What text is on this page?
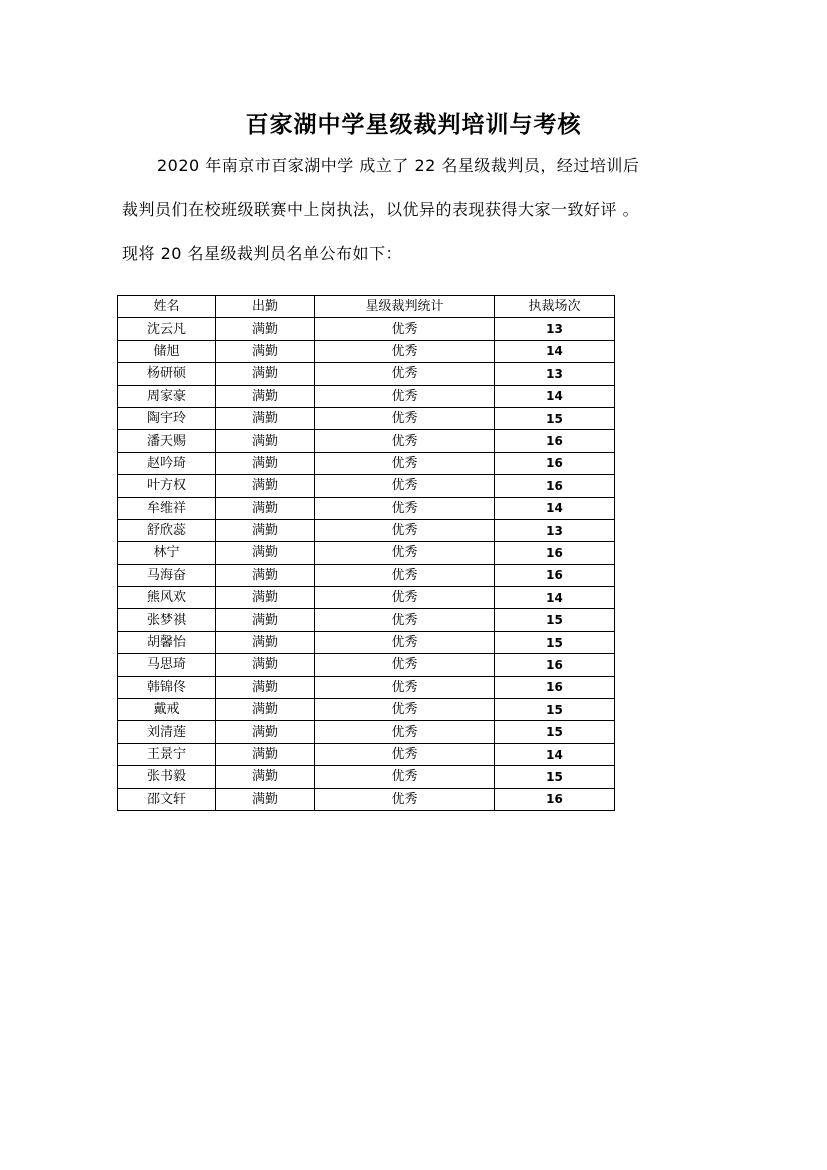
百家湖中学星级裁判培训与考核
2020 年南京市百家湖中学 成立了 22 名星级裁判员，经过培训后
裁判员们在校班级联赛中上岗执法，以优异的表现获得大家一致好评 。
现将 20 名星级裁判员名单公布如下：
姓名	出勤	星级裁判统计	执裁场次
沈云凡	满勤	优秀	13
储旭	满勤	优秀	14
杨研硕	满勤	优秀	13
周家豪	满勤	优秀	14
陶宇玲	满勤	优秀	15
潘天赐	满勤	优秀	16
赵吟琦	满勤	优秀	16
叶方权	满勤	优秀	16
牟维祥	满勤	优秀	14
舒欣蕊	满勤	优秀	13
林宁	满勤	优秀	16
马海奋	满勤	优秀	16
熊风欢	满勤	优秀	14
张梦祺	满勤	优秀	15
胡馨怡	满勤	优秀	15
马思琦	满勤	优秀	16
韩锦佟	满勤	优秀	16
戴戒	满勤	优秀	15
刘清莲	满勤	优秀	15
王景宁	满勤	优秀	14
张书毅	满勤	优秀	15
邵文轩	满勤	优秀	16
